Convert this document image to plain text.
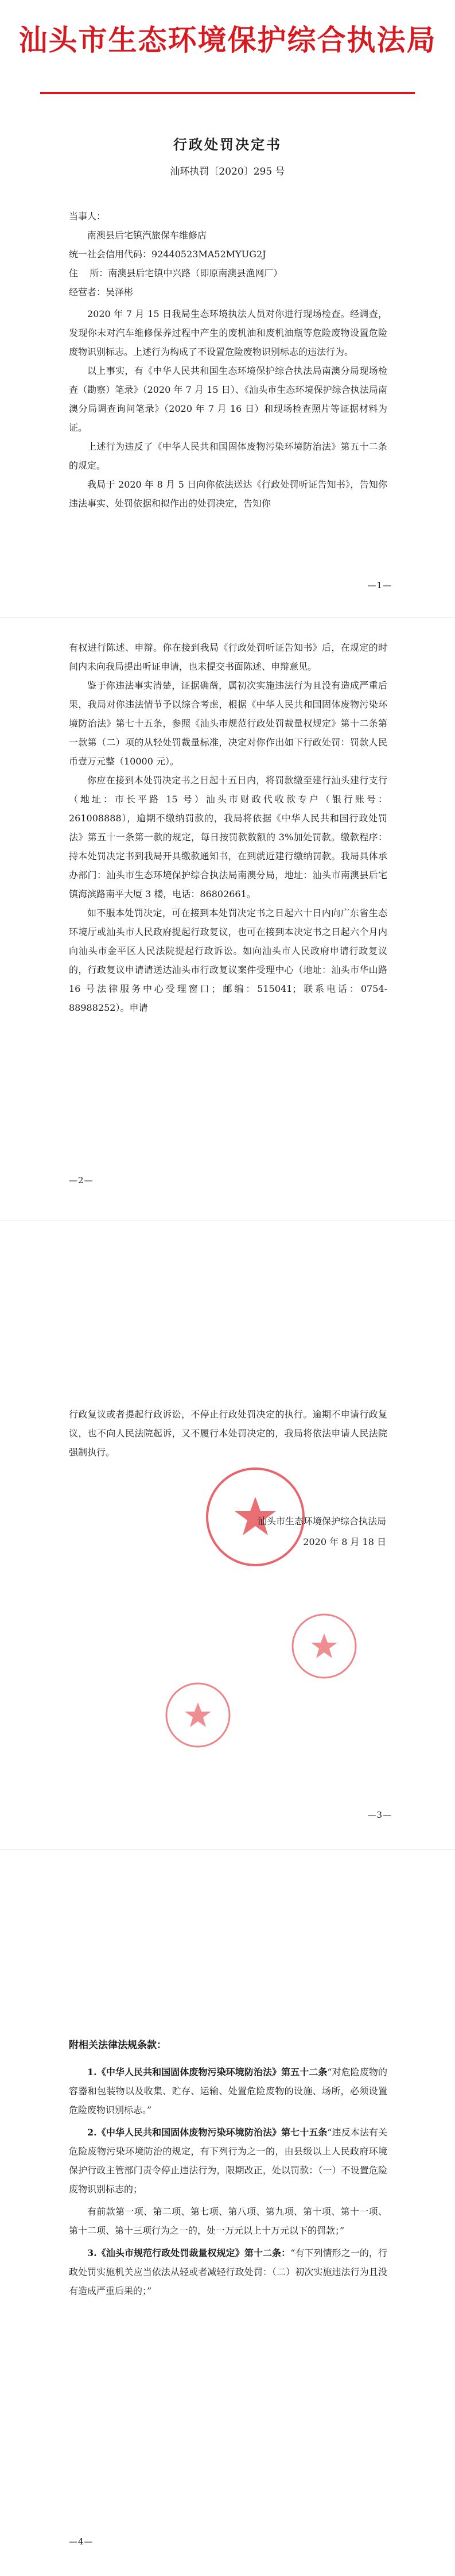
汕头市生态环境保护综合执法局
行政处罚决定书
汕环执罚〔2020〕295 号
当事人：
南澳县后宅镇汽旅保车维修店
统一社会信用代码：92440523MA52MYUG2J
住    所：南澳县后宅镇中兴路（即原南澳县渔网厂）
经营者：吴泽彬

2020 年 7 月 15 日我局生态环境执法人员对你进行现场检查。经调查，发现你未对汽车维修保养过程中产生的废机油和废机油瓶等危险废物设置危险废物识别标志。上述行为构成了不设置危险废物识别标志的违法行为。

以上事实，有《中华人民共和国生态环境保护综合执法局南澳分局现场检查（勘察）笔录》（2020 年 7 月 15 日）、《汕头市生态环境保护综合执法局南澳分局调查询问笔录》（2020 年 7 月 16 日）和现场检查照片等证据材料为证。

上述行为违反了《中华人民共和国固体废物污染环境防治法》第五十二条的规定。

我局于 2020 年 8 月 5 日向你依法送达《行政处罚听证告知书》，告知你违法事实、处罚依据和拟作出的处罚决定，告知你

—1—

有权进行陈述、申辩。你在接到我局《行政处罚听证告知书》后，在规定的时间内未向我局提出听证申请，也未提交书面陈述、申辩意见。

鉴于你违法事实清楚，证据确凿，属初次实施违法行为且没有造成严重后果，我局对你违法情节予以综合考虑，根据《中华人民共和国固体废物污染环境防治法》第七十五条，参照《汕头市规范行政处罚裁量权规定》第十二条第一款第（二）项的从轻处罚裁量标准，决定对你作出如下行政处罚：罚款人民币壹万元整（10000 元）。

你应在接到本处罚决定书之日起十五日内，将罚款缴至建行汕头建行支行（地址：市长平路 15 号）汕头市财政代收款专户（银行账号：261008888），逾期不缴纳罚款的，我局将依据《中华人民共和国行政处罚法》第五十一条第一款的规定，每日按罚款数额的 3%加处罚款。缴款程序：持本处罚决定书到我局开具缴款通知书，在到就近建行缴纳罚款。我局具体承办部门：汕头市生态环境保护综合执法局南澳分局，地址：汕头市南澳县后宅镇海滨路南平大厦 3 楼，电话：86802661。

如不服本处罚决定，可在接到本处罚决定书之日起六十日内向广东省生态环境厅或汕头市人民政府提起行政复议，也可在接到本决定书之日起六个月内向汕头市金平区人民法院提起行政诉讼。如向汕头市人民政府申请行政复议的，行政复议申请请送达汕头市行政复议案件受理中心（地址：汕头市华山路 16 号法律服务中心受理窗口；邮编：515041；联系电话：0754-88988252）。申请

—2—

行政复议或者提起行政诉讼，不停止行政处罚决定的执行。逾期不申请行政复议，也不向人民法院起诉，又不履行本处罚决定的，我局将依法申请人民法院强制执行。

汕头市生态环境保护综合执法局
2020 年 8 月 18 日
—3—
附相关法律法规条款：

1.《中华人民共和国固体废物污染环境防治法》第五十二条“对危险废物的容器和包装物以及收集、贮存、运输、处置危险废物的设施、场所，必须设置危险废物识别标志。”

2.《中华人民共和国固体废物污染环境防治法》第七十五条“违反本法有关危险废物污染环境防治的规定，有下列行为之一的，由县级以上人民政府环境保护行政主管部门责令停止违法行为，限期改正，处以罚款：（一）不设置危险废物识别标志的；

有前款第一项、第二项、第七项、第八项、第九项、第十项、第十一项、第十二项、第十三项行为之一的，处一万元以上十万元以下的罚款；”

3.《汕头市规范行政处罚裁量权规定》第十二条：“有下列情形之一的，行政处罚实施机关应当依法从轻或者减轻行政处罚：（二）初次实施违法行为且没有造成严重后果的；”

—4—
